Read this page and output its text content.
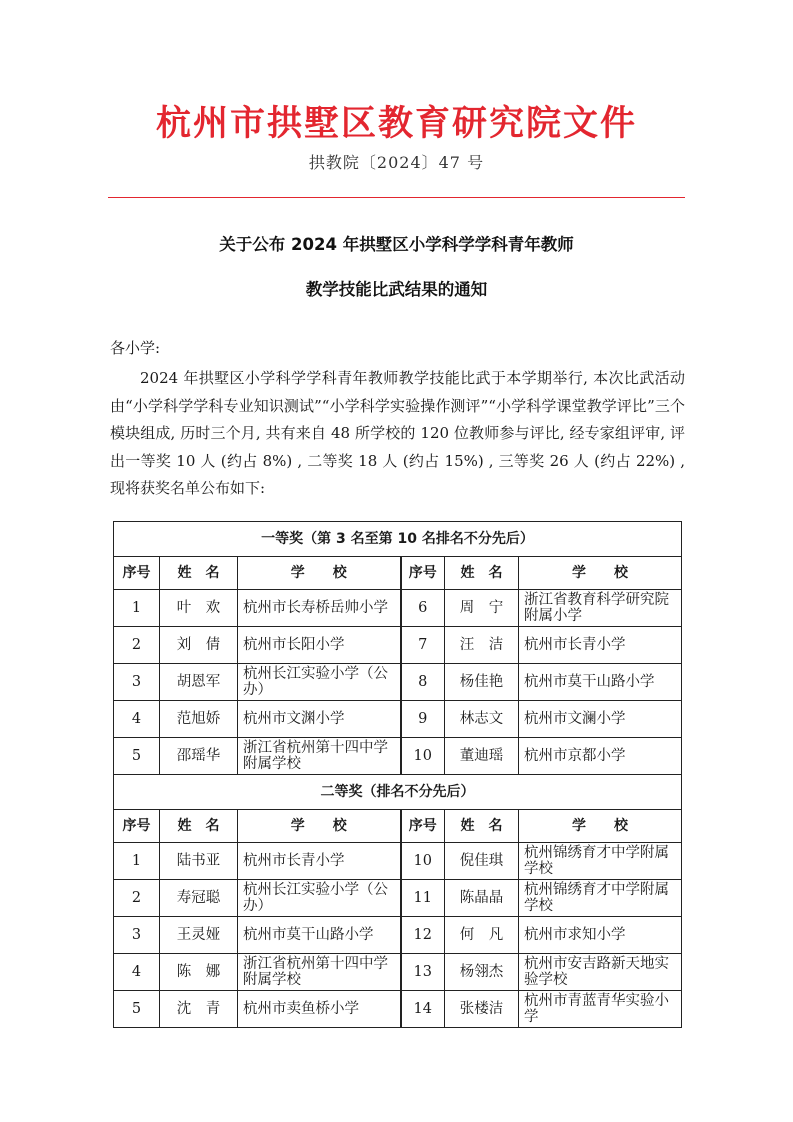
杭州市拱墅区教育研究院文件
拱教院〔2024〕47 号
关于公布 2024 年拱墅区小学科学学科青年教师
教学技能比武结果的通知
各小学:
2024 年拱墅区小学科学学科青年教师教学技能比武于本学期举行, 本次比武活动由“小学科学学科专业知识测试”“小学科学实验操作测评”“小学科学课堂教学评比”三个模块组成, 历时三个月, 共有来自 48 所学校的 120 位教师参与评比, 经专家组评审, 评出一等奖 10 人 (约占 8%) , 二等奖 18 人 (约占 15%) , 三等奖 26 人 (约占 22%) , 现将获奖名单公布如下:
一等奖（第 3 名至第 10 名排名不分先后）					
序号	姓　名	学　　校	序号	姓　名	学　　校
1	叶　欢	杭州市长寿桥岳帅小学	6	周　宁	浙江省教育科学研究院附属小学
2	刘　倩	杭州市长阳小学	7	汪　洁	杭州市长青小学
3	胡恩军	杭州长江实验小学（公办）	8	杨佳艳	杭州市莫干山路小学
4	范旭娇	杭州市文渊小学	9	林志文	杭州市文澜小学
5	邵瑶华	浙江省杭州第十四中学附属学校	10	董迪瑶	杭州市京都小学
二等奖（排名不分先后）					
序号	姓　名	学　　校	序号	姓　名	学　　校
1	陆书亚	杭州市长青小学	10	倪佳琪	杭州锦绣育才中学附属学校
2	寿冠聪	杭州长江实验小学（公办）	11	陈晶晶	杭州锦绣育才中学附属学校
3	王灵娅	杭州市莫干山路小学	12	何　凡	杭州市求知小学
4	陈　娜	浙江省杭州第十四中学附属学校	13	杨翎杰	杭州市安吉路新天地实验学校
5	沈　青	杭州市卖鱼桥小学	14	张楼洁	杭州市青蓝青华实验小学
